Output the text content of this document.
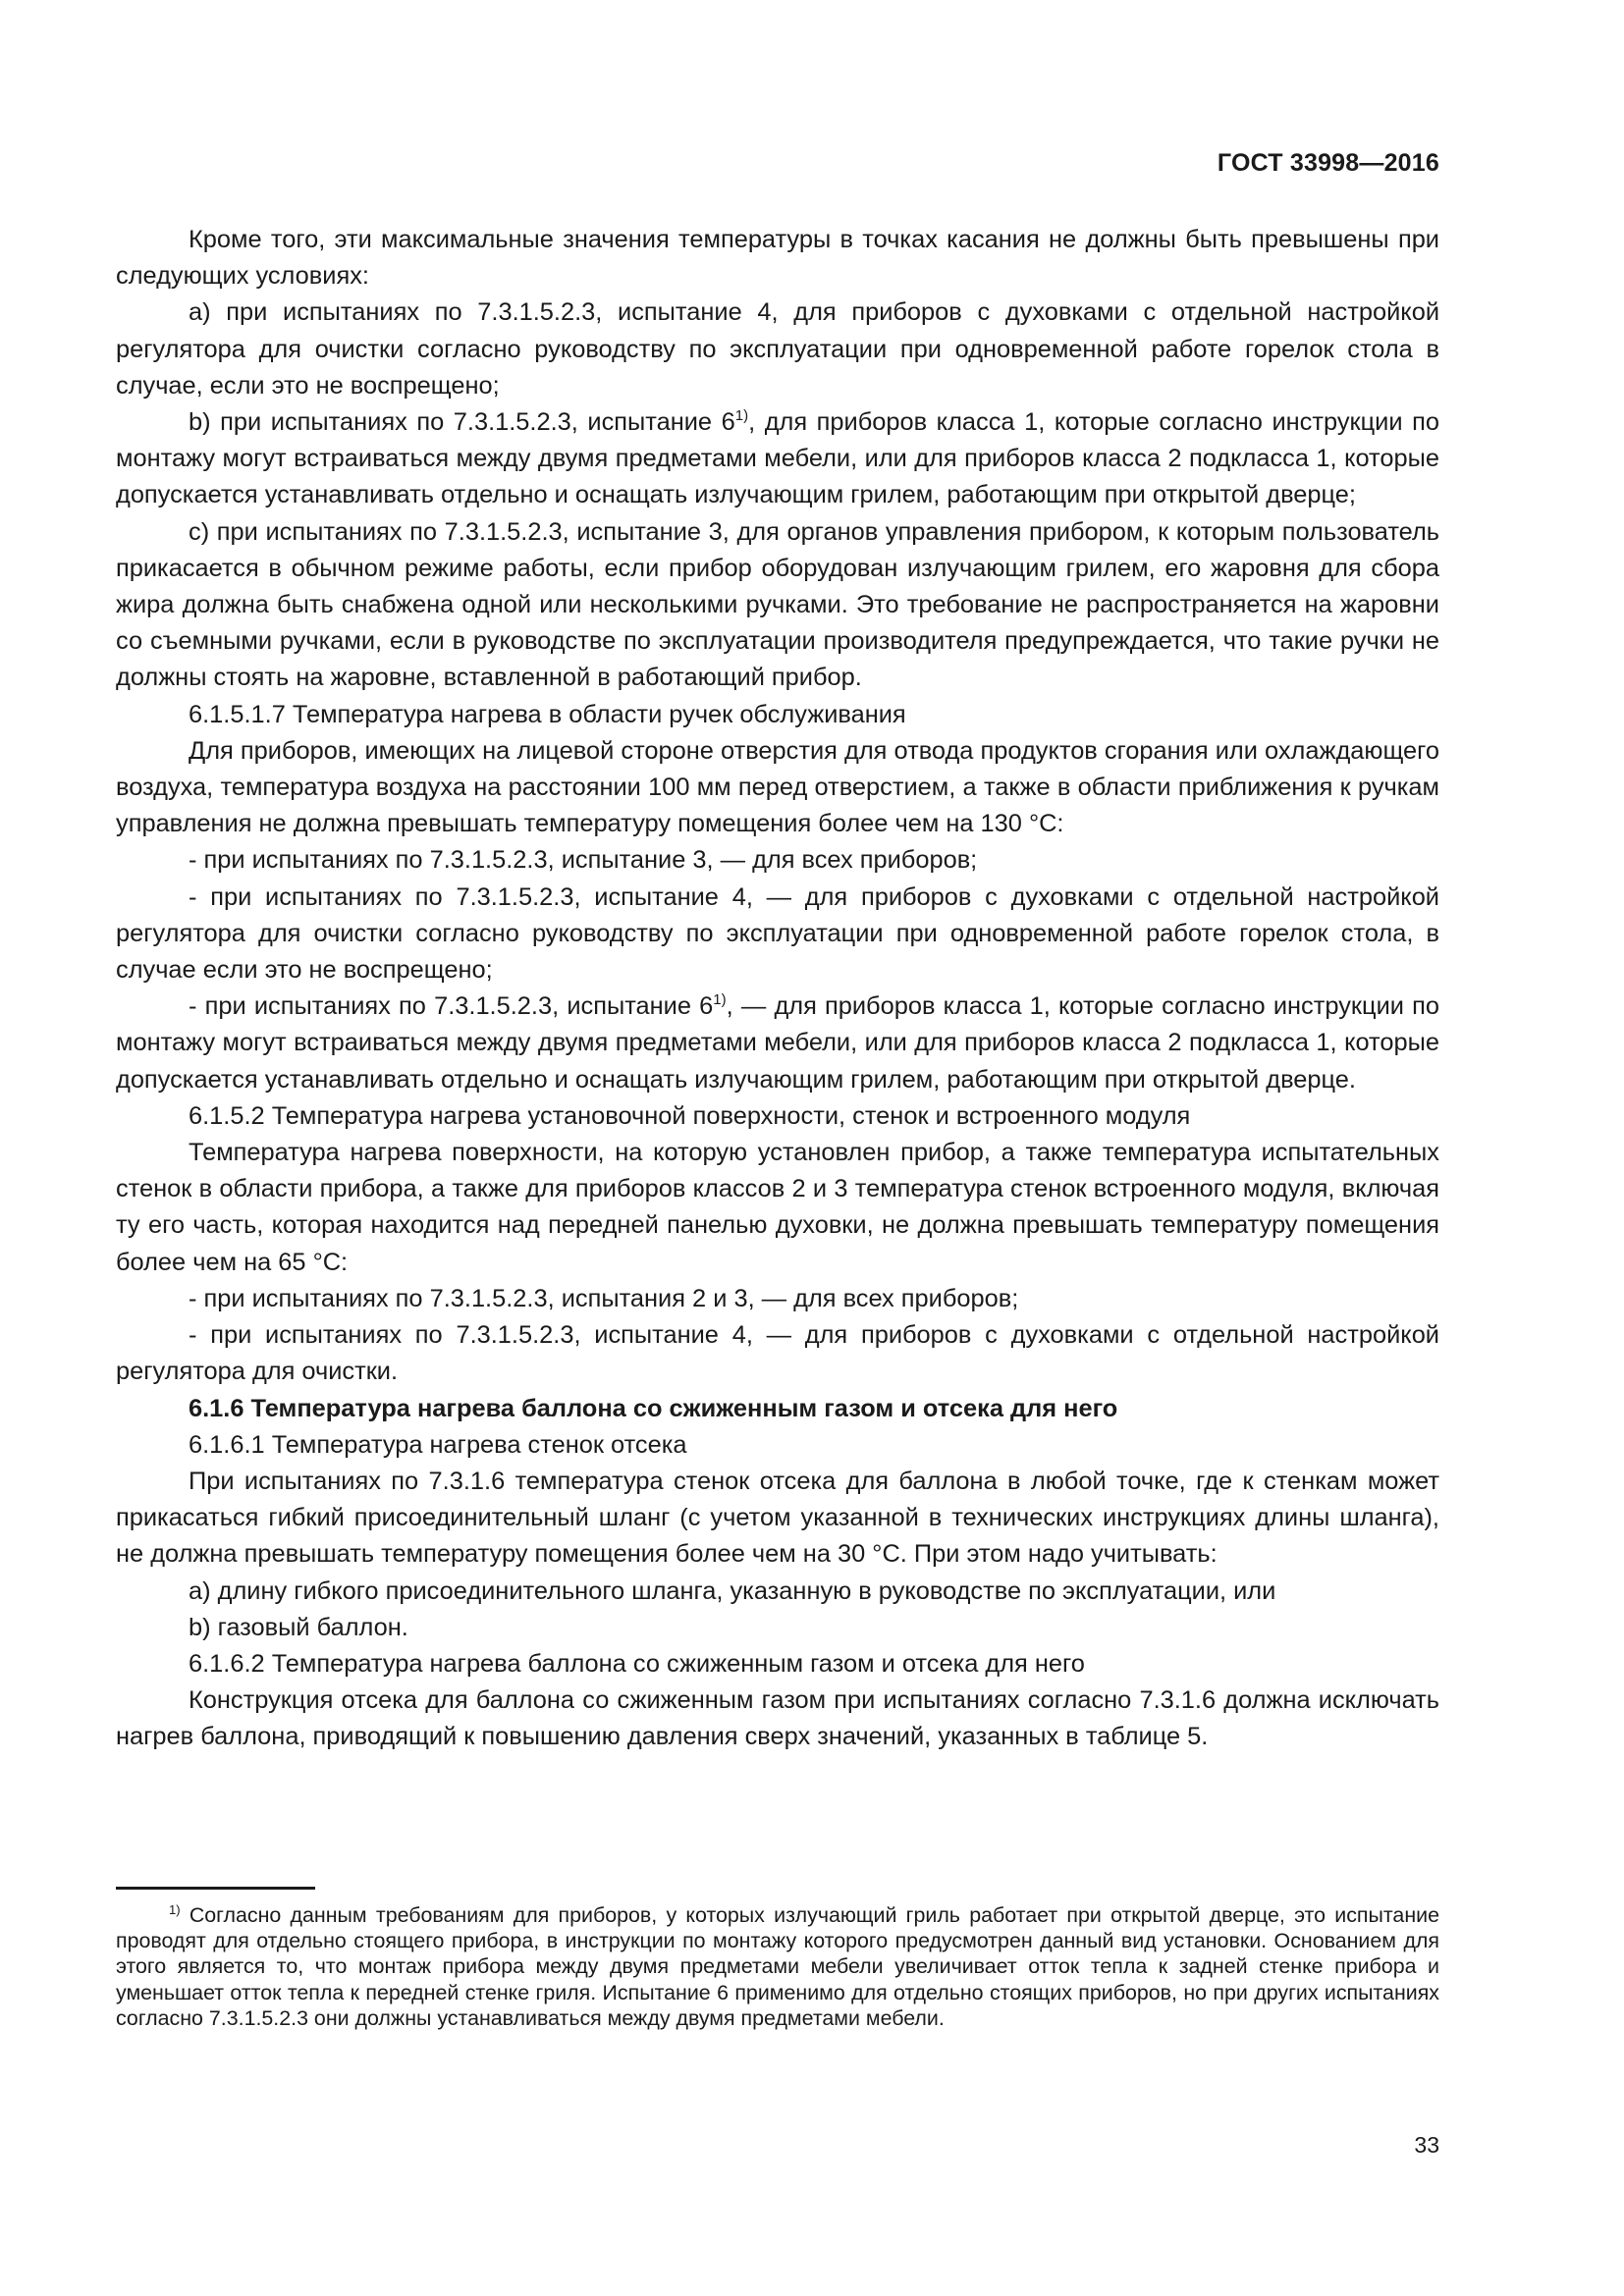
ГОСТ 33998—2016

Кроме того, эти максимальные значения температуры в точках касания не должны быть превышены при следующих условиях:

a) при испытаниях по 7.3.1.5.2.3, испытание 4, для приборов с духовками с отдельной настройкой регулятора для очистки согласно руководству по эксплуатации при одновременной работе горелок стола в случае, если это не воспрещено;

b) при испытаниях по 7.3.1.5.2.3, испытание 6$^{1)}$, для приборов класса 1, которые согласно инструкции по монтажу могут встраиваться между двумя предметами мебели, или для приборов класса 2 подкласса 1, которые допускается устанавливать отдельно и оснащать излучающим грилем, работающим при открытой дверце;

c) при испытаниях по 7.3.1.5.2.3, испытание 3, для органов управления прибором, к которым пользователь прикасается в обычном режиме работы, если прибор оборудован излучающим грилем, его жаровня для сбора жира должна быть снабжена одной или несколькими ручками. Это требование не распространяется на жаровни со съемными ручками, если в руководстве по эксплуатации производителя предупреждается, что такие ручки не должны стоять на жаровне, вставленной в работающий прибор.

6.1.5.1.7 Температура нагрева в области ручек обслуживания

Для приборов, имеющих на лицевой стороне отверстия для отвода продуктов сгорания или охлаждающего воздуха, температура воздуха на расстоянии 100 мм перед отверстием, а также в области приближения к ручкам управления не должна превышать температуру помещения более чем на 130 °С:

- при испытаниях по 7.3.1.5.2.3, испытание 3, — для всех приборов;

- при испытаниях по 7.3.1.5.2.3, испытание 4, — для приборов с духовками с отдельной настройкой регулятора для очистки согласно руководству по эксплуатации при одновременной работе горелок стола, в случае если это не воспрещено;

- при испытаниях по 7.3.1.5.2.3, испытание 6$^{1)}$, — для приборов класса 1, которые согласно инструкции по монтажу могут встраиваться между двумя предметами мебели, или для приборов класса 2 подкласса 1, которые допускается устанавливать отдельно и оснащать излучающим грилем, работающим при открытой дверце.

6.1.5.2 Температура нагрева установочной поверхности, стенок и встроенного модуля

Температура нагрева поверхности, на которую установлен прибор, а также температура испытательных стенок в области прибора, а также для приборов классов 2 и 3 температура стенок встроенного модуля, включая ту его часть, которая находится над передней панелью духовки, не должна превышать температуру помещения более чем на 65 °С:

- при испытаниях по 7.3.1.5.2.3, испытания 2 и 3, — для всех приборов;

- при испытаниях по 7.3.1.5.2.3, испытание 4, — для приборов с духовками с отдельной настройкой регулятора для очистки.

6.1.6 Температура нагрева баллона со сжиженным газом и отсека для него

6.1.6.1 Температура нагрева стенок отсека

При испытаниях по 7.3.1.6 температура стенок отсека для баллона в любой точке, где к стенкам может прикасаться гибкий присоединительный шланг (с учетом указанной в технических инструкциях длины шланга), не должна превышать температуру помещения более чем на 30 °С. При этом надо учитывать:

a) длину гибкого присоединительного шланга, указанную в руководстве по эксплуатации, или

b) газовый баллон.

6.1.6.2 Температура нагрева баллона со сжиженным газом и отсека для него

Конструкция отсека для баллона со сжиженным газом при испытаниях согласно 7.3.1.6 должна исключать нагрев баллона, приводящий к повышению давления сверх значений, указанных в таблице 5.

$^{1)}$ Согласно данным требованиям для приборов, у которых излучающий гриль работает при открытой дверце, это испытание проводят для отдельно стоящего прибора, в инструкции по монтажу которого предусмотрен данный вид установки. Основанием для этого является то, что монтаж прибора между двумя предметами мебели увеличивает отток тепла к задней стенке прибора и уменьшает отток тепла к передней стенке гриля. Испытание 6 применимо для отдельно стоящих приборов, но при других испытаниях согласно 7.3.1.5.2.3 они должны устанавливаться между двумя предметами мебели.
33
